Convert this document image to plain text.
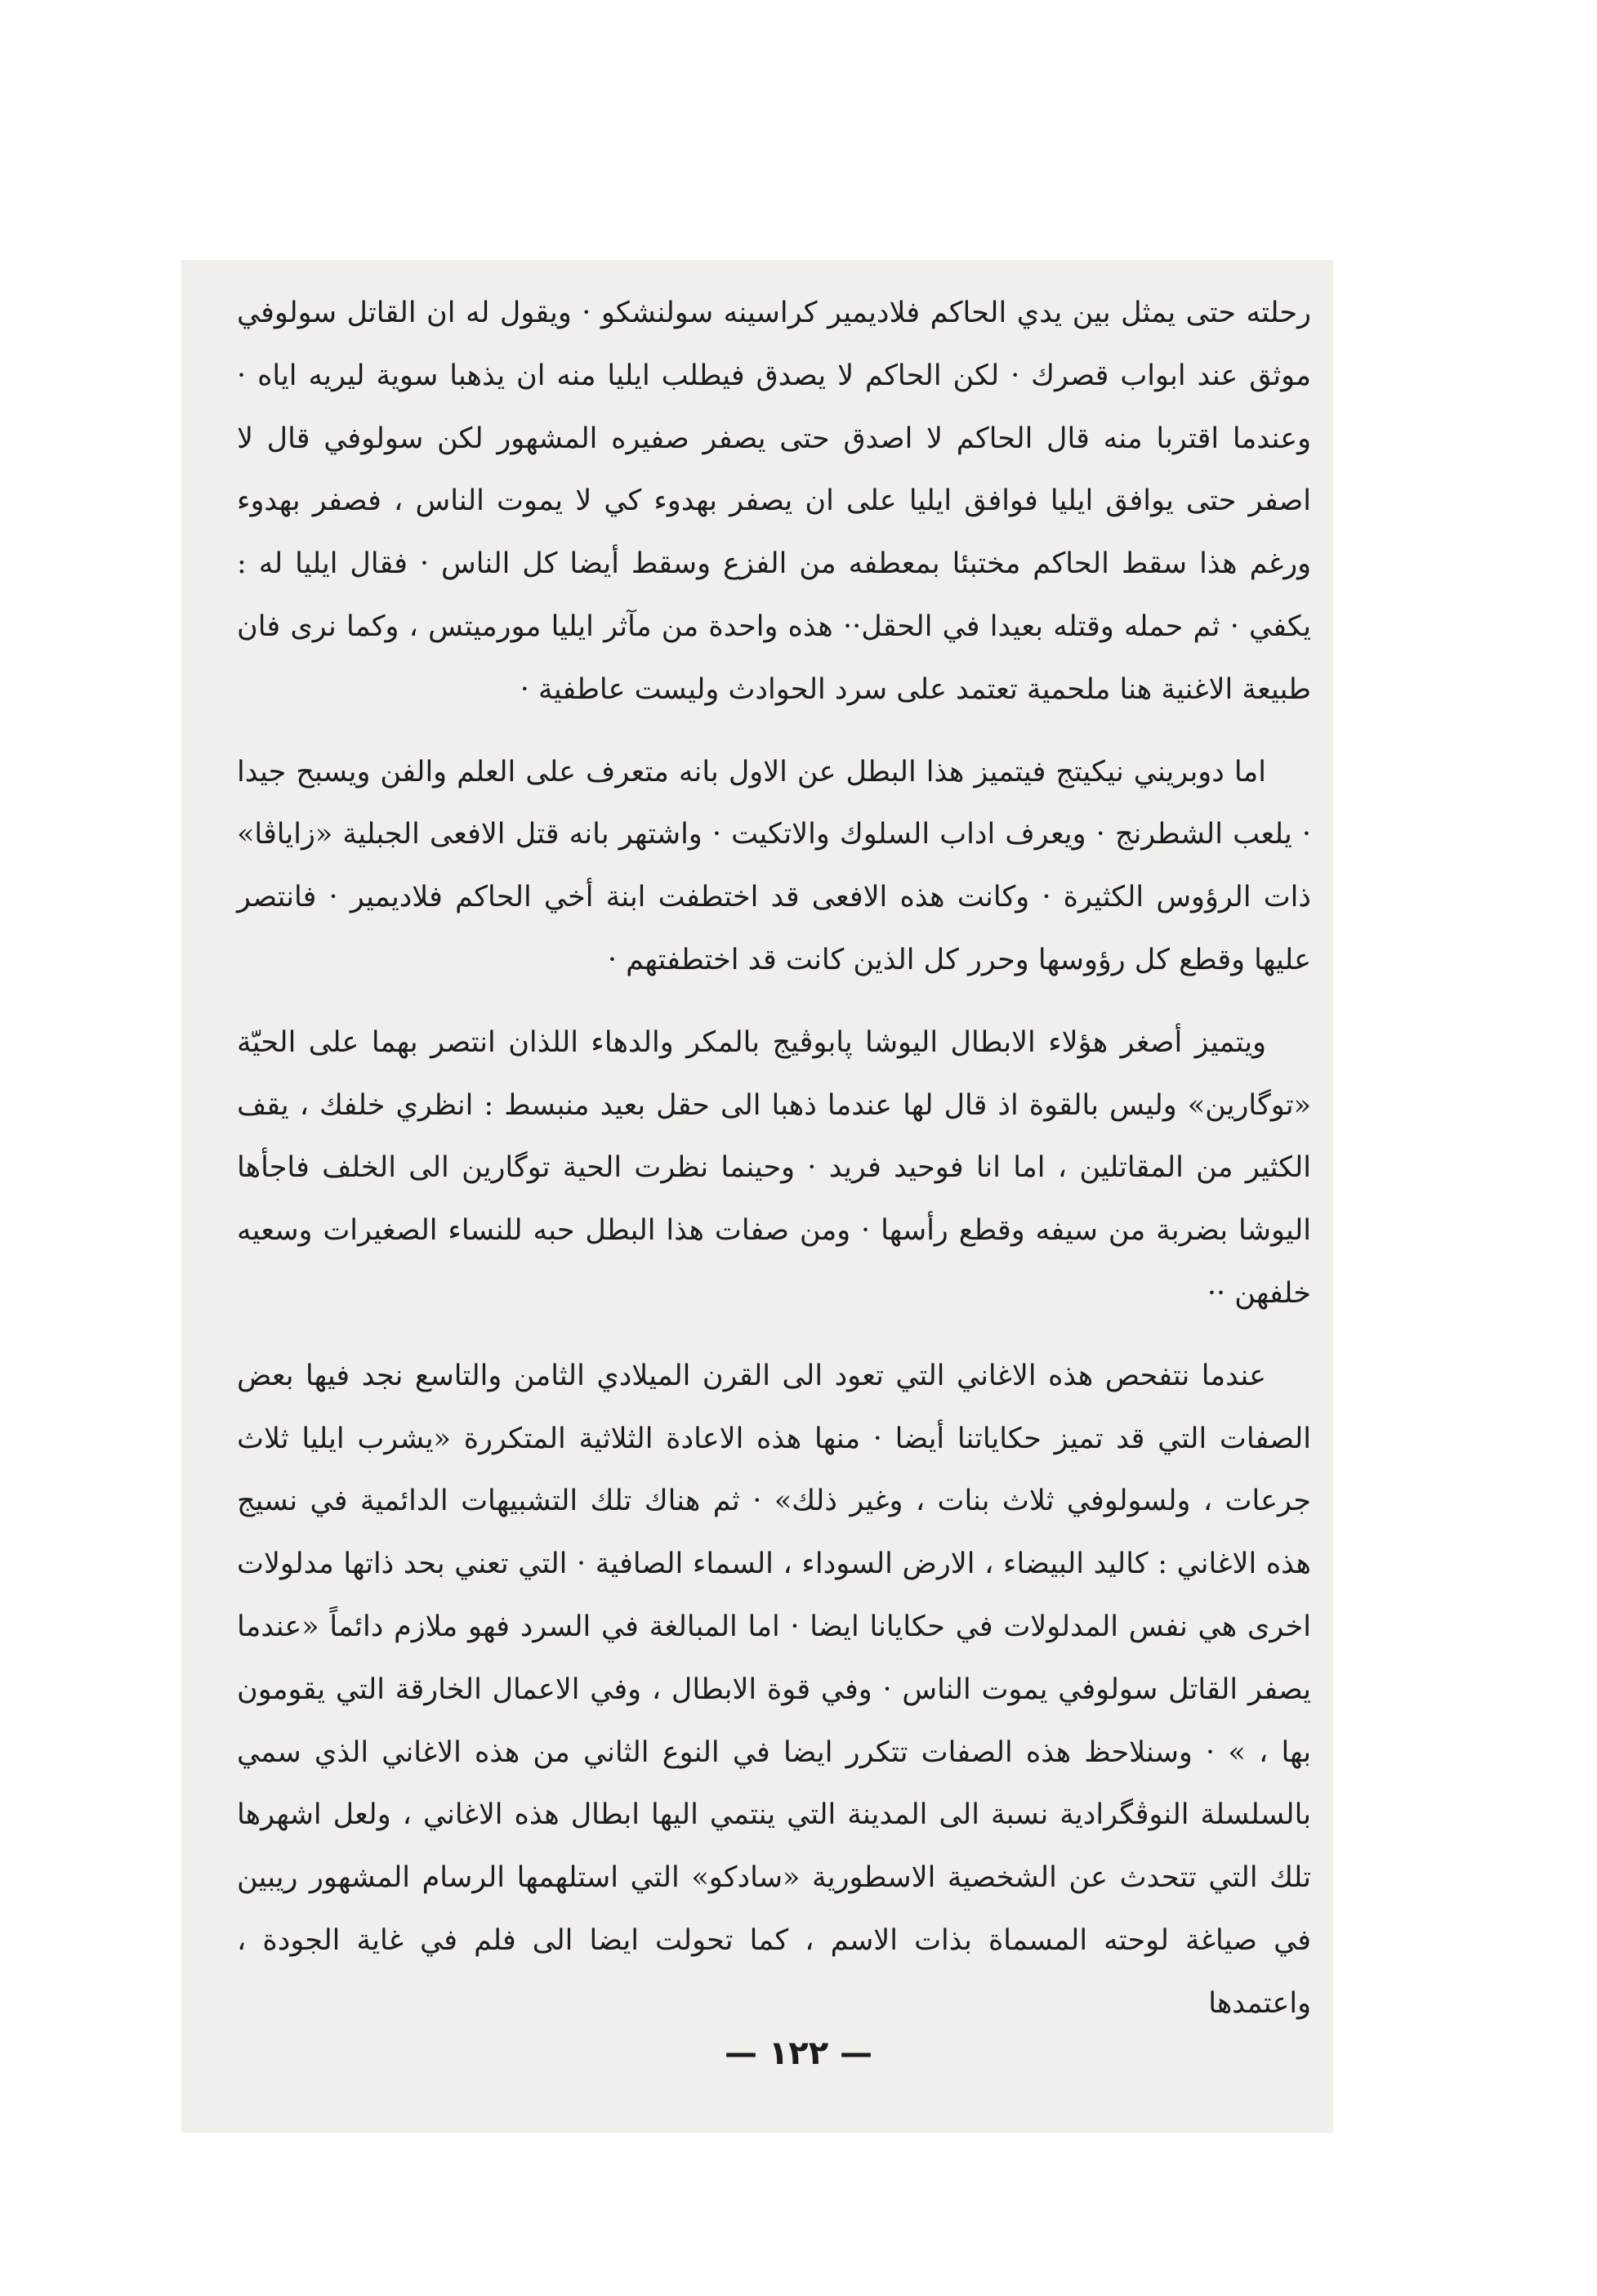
رحلته حتى يمثل بين يدي الحاكم فلاديمير كراسينه سولنشكو · ويقول له ان القاتل سولوفي موثق عند ابواب قصرك · لكن الحاكم لا يصدق فيطلب ايليا منه ان يذهبا سوية ليريه اياه · وعندما اقتربا منه قال الحاكم لا اصدق حتى يصفر صفيره المشهور لكن سولوفي قال لا اصفر حتى يوافق ايليا فوافق ايليا على ان يصفر بهدوء كي لا يموت الناس ، فصفر بهدوء ورغم هذا سقط الحاكم مختبئا بمعطفه من الفزع وسقط أيضا كل الناس · فقال ايليا له : يكفي · ثم حمله وقتله بعيدا في الحقل·· هذه واحدة من مآثر ايليا مورميتس ، وكما نرى فان طبيعة الاغنية هنا ملحمية تعتمد على سرد الحوادث وليست عاطفية ·

اما دوبريني نيكيتج فيتميز هذا البطل عن الاول بانه متعرف على العلم والفن ويسبح جيدا · يلعب الشطرنج · ويعرف اداب السلوك والاتكيت · واشتهر بانه قتل الافعى الجبلية «زاياڤا» ذات الرؤوس الكثيرة · وكانت هذه الافعى قد اختطفت ابنة أخي الحاكم فلاديمير · فانتصر عليها وقطع كل رؤوسها وحرر كل الذين كانت قد اختطفتهم ·

ويتميز أصغر هؤلاء الابطال اليوشا پابوڤيج بالمكر والدهاء اللذان انتصر بهما على الحيّة «توگارين» وليس بالقوة اذ قال لها عندما ذهبا الى حقل بعيد منبسط : انظري خلفك ، يقف الكثير من المقاتلين ، اما انا فوحيد فريد · وحينما نظرت الحية توگارين الى الخلف فاجأها اليوشا بضربة من سيفه وقطع رأسها · ومن صفات هذا البطل حبه للنساء الصغيرات وسعيه خلفهن ··

عندما نتفحص هذه الاغاني التي تعود الى القرن الميلادي الثامن والتاسع نجد فيها بعض الصفات التي قد تميز حكاياتنا أيضا · منها هذه الاعادة الثلاثية المتكررة «يشرب ايليا ثلاث جرعات ، ولسولوفي ثلاث بنات ، وغير ذلك» · ثم هناك تلك التشبيهات الدائمية في نسيج هذه الاغاني : كاليد البيضاء ، الارض السوداء ، السماء الصافية · التي تعني بحد ذاتها مدلولات اخرى هي نفس المدلولات في حكايانا ايضا · اما المبالغة في السرد فهو ملازم دائماً «عندما يصفر القاتل سولوفي يموت الناس · وفي قوة الابطال ، وفي الاعمال الخارقة التي يقومون بها ، » · وسنلاحظ هذه الصفات تتكرر ايضا في النوع الثاني من هذه الاغاني الذي سمي بالسلسلة النوڤگرادية نسبة الى المدينة التي ينتمي اليها ابطال هذه الاغاني ، ولعل اشهرها تلك التي تتحدث عن الشخصية الاسطورية «سادكو» التي استلهمها الرسام المشهور ريبين في صياغة لوحته المسماة بذات الاسم ، كما تحولت ايضا الى فلم في غاية الجودة ، واعتمدها

— ١٢٢ —
